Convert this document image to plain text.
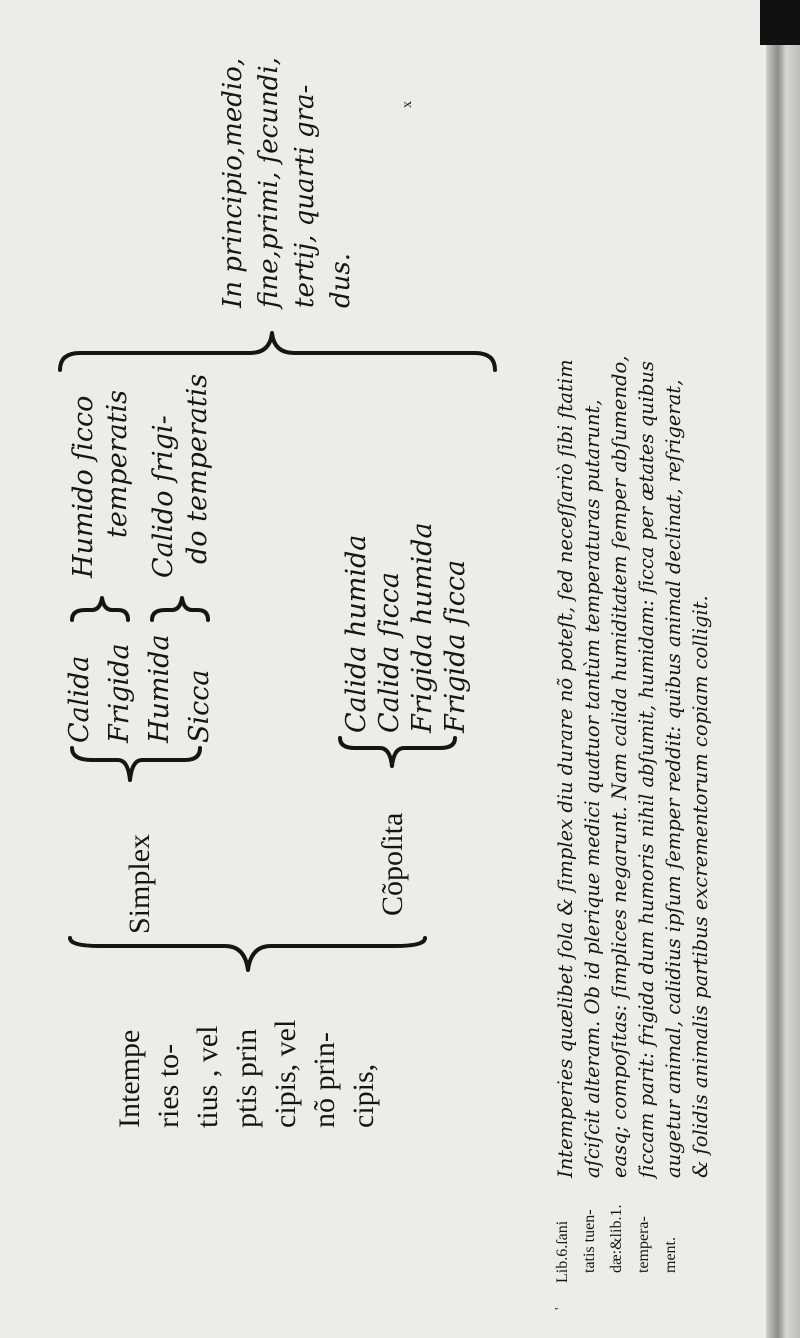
Intempe ries to- tius , vel ptis prin cipis, vel nõ prin- cipis,
Simplex
Calida Frigida Humida Sicca
Humido ſicco temperatis Calido ſrigi- do temperatis
Cõpoſita
Calida humida Calida ſicca Frigida humida Frigida ſicca
In principio,medio, fine,primi, ſecundi, tertij, quarti gra- dus.
Lib.6.ſani tatis tuen- dæ:&lib.1. tempera- ment.
Intemperies quælibet ſola & ſimplex diu durare nõ poteſt, ſed neceſſariò ſibi ſtatim aſciſcit alteram. Ob id plerique medici quatuor tantùm temperaturas putarunt, easq; compoſitas: ſimplices negarunt. Nam calida humiditatem ſemper abſumendo, ſiccam parit: frigida dum humoris nihil abſumit, humidam: ſicca per ætates quibus augetur animal, calidius ipſum ſemper reddit: quibus animal declinat, reſrigerat, & ſolidis animalis partibus excrementorum copiam colligit.
x
'
